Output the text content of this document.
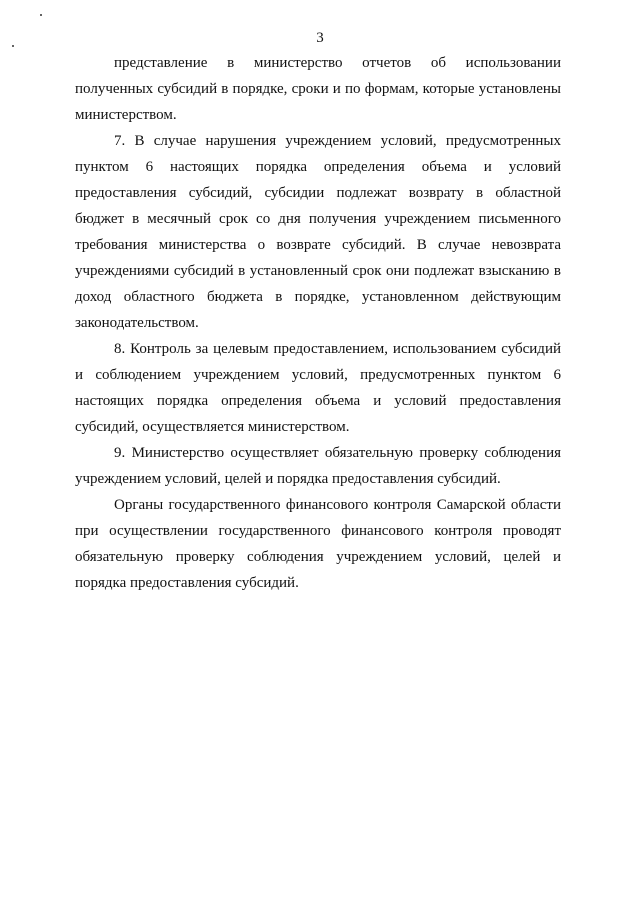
3
представление в министерство отчетов об использовании
полученных субсидий в порядке, сроки и по формам, которые установлены
министерством.
7. В случае нарушения учреждением условий, предусмотренных
пунктом 6 настоящих порядка определения объема и условий
предоставления субсидий, субсидии подлежат возврату в областной
бюджет в месячный срок со дня получения учреждением письменного
требования министерства о возврате субсидий. В случае невозврата
учреждениями субсидий в установленный срок они подлежат взысканию в
доход областного бюджета в порядке, установленном действующим
законодательством.
8. Контроль за целевым предоставлением, использованием субсидий
и соблюдением учреждением условий, предусмотренных пунктом 6
настоящих порядка определения объема и условий предоставления
субсидий, осуществляется министерством.
9. Министерство осуществляет обязательную проверку соблюдения
учреждением условий, целей и порядка предоставления субсидий.
Органы государственного финансового контроля Самарской области
при осуществлении государственного финансового контроля проводят
обязательную проверку соблюдения учреждением условий, целей и
порядка предоставления субсидий.
